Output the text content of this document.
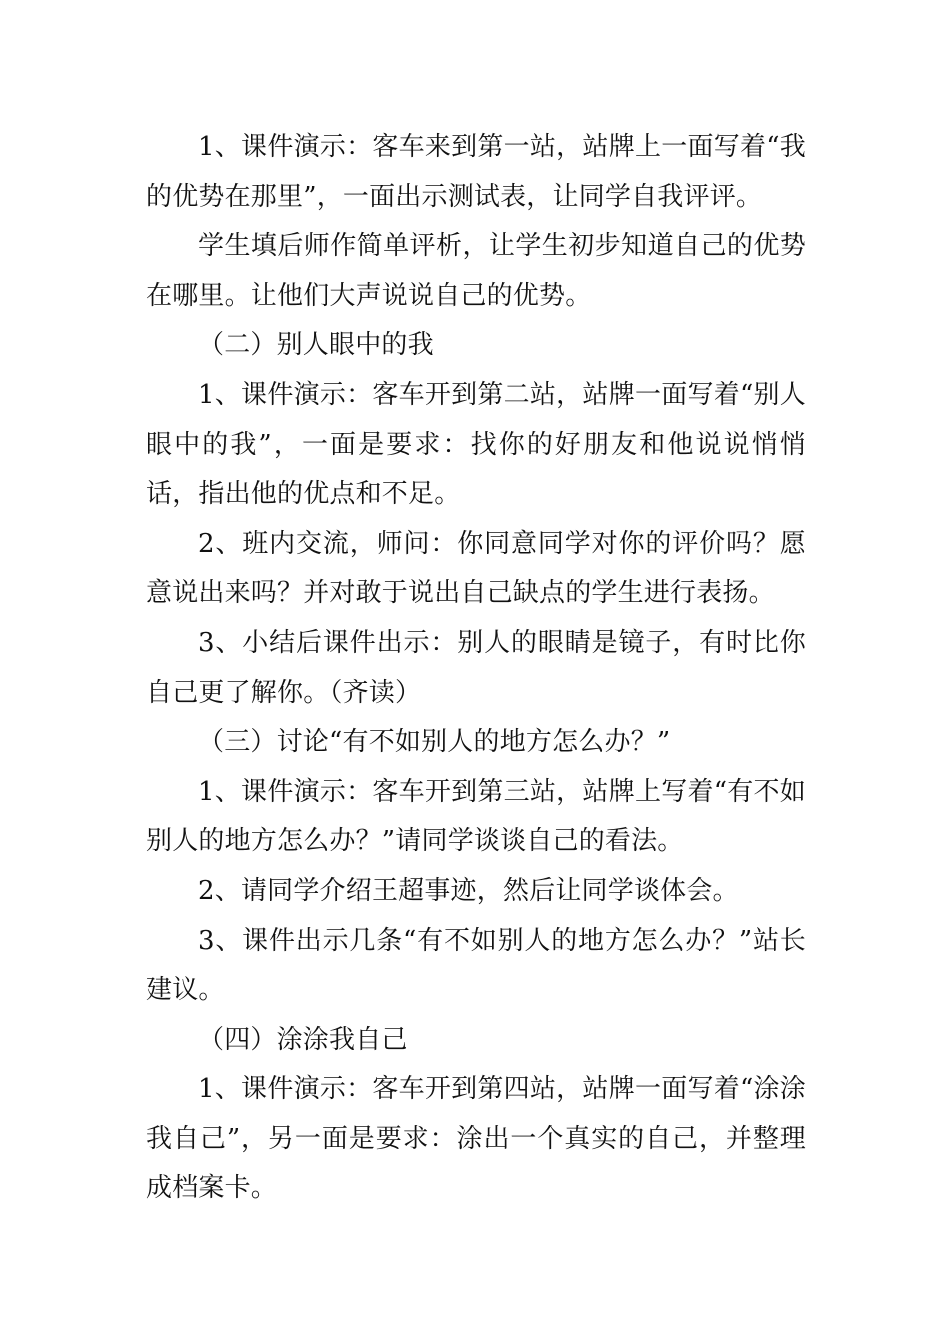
1、课件演示：客车来到第一站，站牌上一面写着“我的优势在那里”，一面出示测试表，让同学自我评评。

学生填后师作简单评析，让学生初步知道自己的优势在哪里。让他们大声说说自己的优势。

（二）别人眼中的我

1、课件演示：客车开到第二站，站牌一面写着“别人眼中的我”，一面是要求：找你的好朋友和他说说悄悄话，指出他的优点和不足。

2、班内交流，师问：你同意同学对你的评价吗？愿意说出来吗？并对敢于说出自己缺点的学生进行表扬。

3、小结后课件出示：别人的眼睛是镜子，有时比你自己更了解你。（齐读）

（三）讨论“有不如别人的地方怎么办？”

1、课件演示：客车开到第三站，站牌上写着“有不如别人的地方怎么办？”请同学谈谈自己的看法。

2、请同学介绍王超事迹，然后让同学谈体会。

3、课件出示几条“有不如别人的地方怎么办？”站长建议。

（四）涂涂我自己

1、课件演示：客车开到第四站，站牌一面写着“涂涂我自己”，另一面是要求：涂出一个真实的自己，并整理成档案卡。
